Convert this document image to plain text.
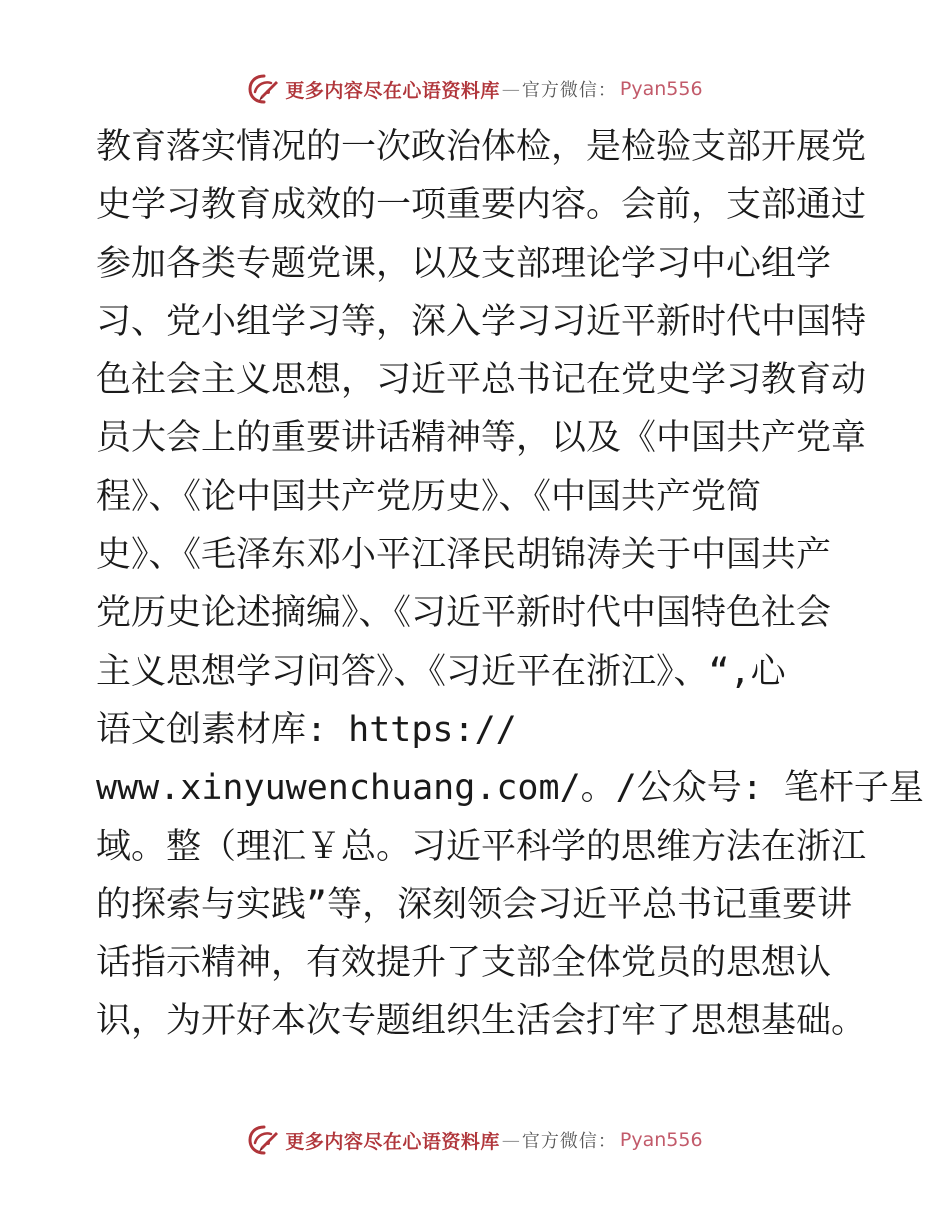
更多内容尽在心语资料库 — 官方微信 ： Pyan556
教育落实情况的一次政治体检，是检验支部开展党
史学习教育成效的一项重要内容。会前，支部通过
参加各类专题党课，以及支部理论学习中心组学
习、党小组学习等，深入学习习近平新时代中国特
色社会主义思想，习近平总书记在党史学习教育动
员大会上的重要讲话精神等，以及《中国共产党章
程》、《论中国共产党历史》、《中国共产党简
史》、《毛泽东邓小平江泽民胡锦涛关于中国共产
党历史论述摘编》、《习近平新时代中国特色社会
主义思想学习问答》、《习近平在浙江》、“,心
语文创素材库: https://
www.xinyuwenchuang.com/。/公众号: 笔杆子星
域。整（理汇￥总。习近平科学的思维方法在浙江
的探索与实践”等，深刻领会习近平总书记重要讲
话指示精神，有效提升了支部全体党员的思想认
识，为开好本次专题组织生活会打牢了思想基础。
更多内容尽在心语资料库 — 官方微信 ： Pyan556
